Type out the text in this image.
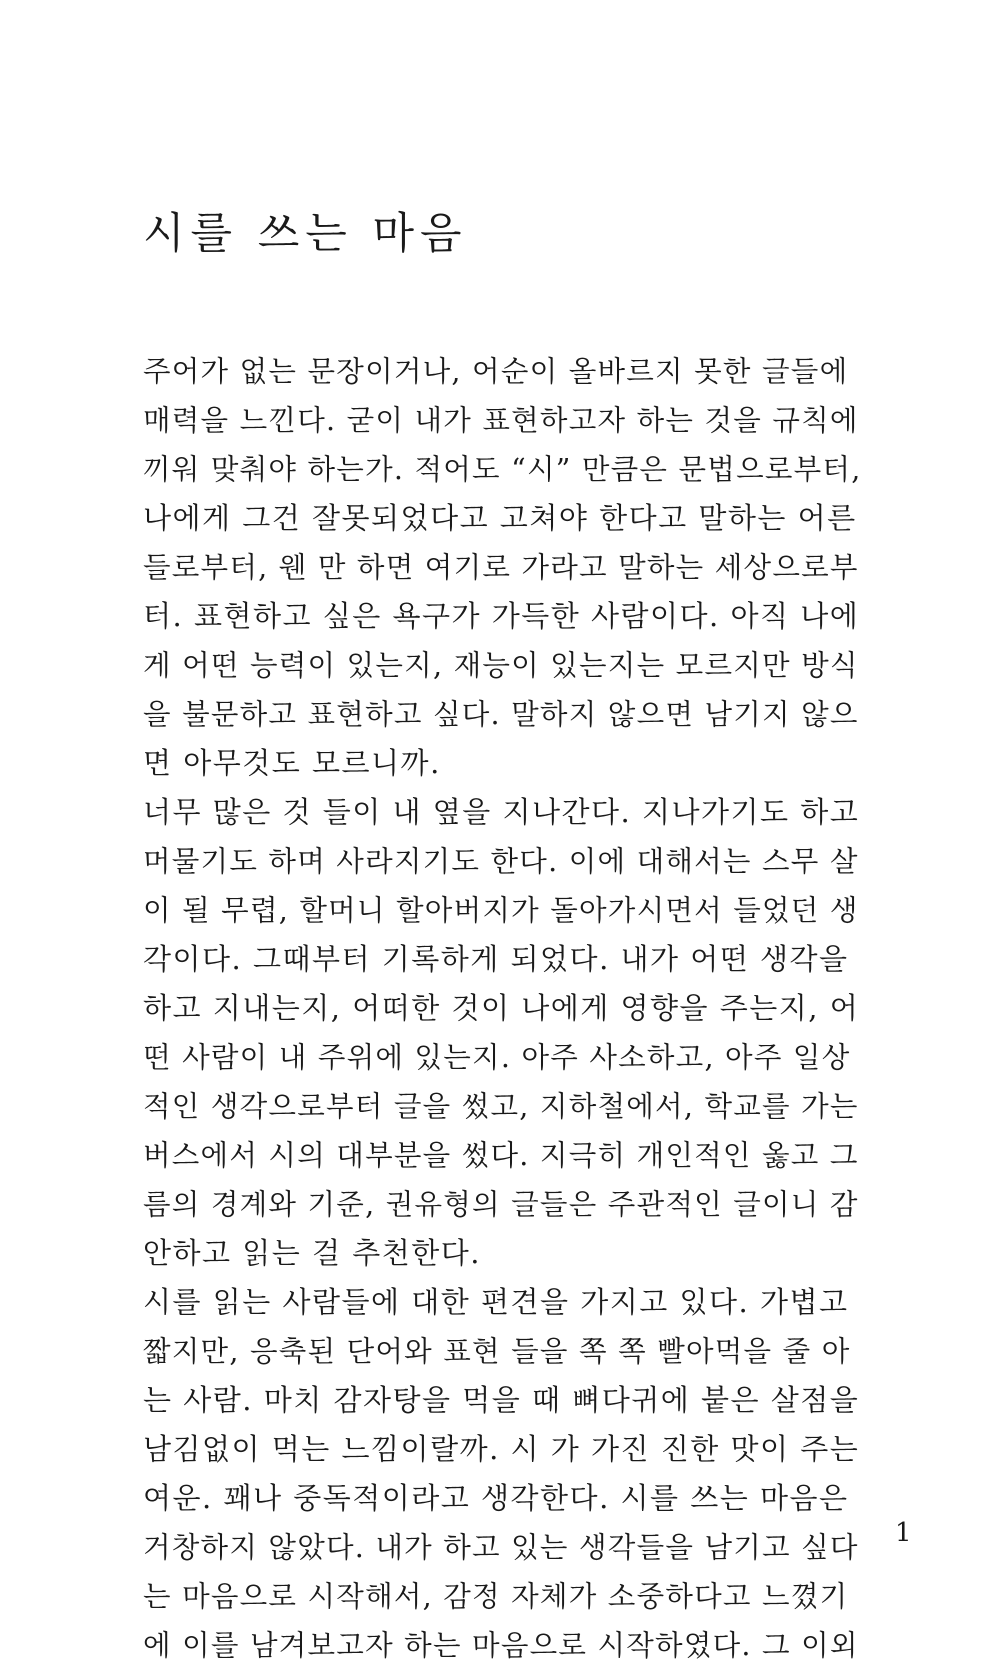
시를 쓰는 마음
주어가 없는 문장이거나, 어순이 올바르지 못한 글들에
매력을 느낀다. 굳이 내가 표현하고자 하는 것을 규칙에
끼워 맞춰야 하는가. 적어도 “시” 만큼은 문법으로부터,
나에게 그건 잘못되었다고 고쳐야 한다고 말하는 어른
들로부터, 웬 만 하면 여기로 가라고 말하는 세상으로부
터. 표현하고 싶은 욕구가 가득한 사람이다. 아직 나에
게 어떤 능력이 있는지, 재능이 있는지는 모르지만 방식
을 불문하고 표현하고 싶다. 말하지 않으면 남기지 않으
면 아무것도 모르니까.
너무 많은 것 들이 내 옆을 지나간다. 지나가기도 하고
머물기도 하며 사라지기도 한다. 이에 대해서는 스무 살
이 될 무렵, 할머니 할아버지가 돌아가시면서 들었던 생
각이다. 그때부터 기록하게 되었다. 내가 어떤 생각을
하고 지내는지, 어떠한 것이 나에게 영향을 주는지, 어
떤 사람이 내 주위에 있는지. 아주 사소하고, 아주 일상
적인 생각으로부터 글을 썼고, 지하철에서, 학교를 가는
버스에서 시의 대부분을 썼다. 지극히 개인적인 옳고 그
름의 경계와 기준, 권유형의 글들은 주관적인 글이니 감
안하고 읽는 걸 추천한다.
시를 읽는 사람들에 대한 편견을 가지고 있다. 가볍고
짧지만, 응축된 단어와 표현 들을 쪽 쪽 빨아먹을 줄 아
는 사람. 마치 감자탕을 먹을 때 뼈다귀에 붙은 살점을
남김없이 먹는 느낌이랄까. 시 가 가진 진한 맛이 주는
여운. 꽤나 중독적이라고 생각한다. 시를 쓰는 마음은
거창하지 않았다. 내가 하고 있는 생각들을 남기고 싶다
는 마음으로 시작해서, 감정 자체가 소중하다고 느꼈기
에 이를 남겨보고자 하는 마음으로 시작하였다. 그 이외
1
